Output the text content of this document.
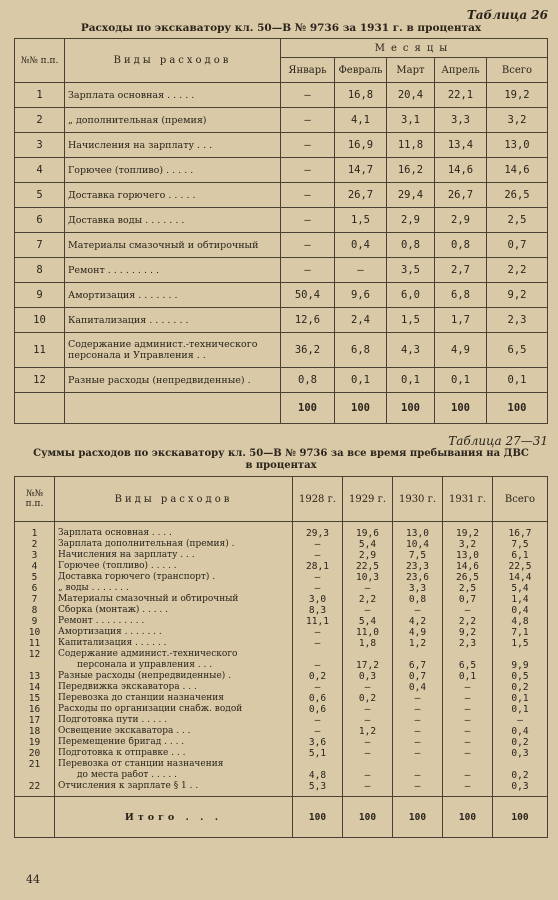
Таблица 26
Расходы по экскаватору кл. 50—В № 9736 за 1931 г. в процентах
№№ п.п.	Виды расходов	Месяцы				
		Январь	Февраль	Март	Апрель	Всего
1	Зарплата основная . . . . .	—	16,8	20,4	22,1	19,2
2	„ дополнительная (премия)	—	4,1	3,1	3,3	3,2
3	Начисления на зарплату . . .	—	16,9	11,8	13,4	13,0
4	Горючее (топливо) . . . . .	—	14,7	16,2	14,6	14,6
5	Доставка горючего . . . . .	—	26,7	29,4	26,7	26,5
6	Доставка воды . . . . . . .	—	1,5	2,9	2,9	2,5
7	Материалы смазочный и обтирочный	—	0,4	0,8	0,8	0,7
8	Ремонт . . . . . . . . .	—	—	3,5	2,7	2,2
9	Амортизация . . . . . . .	50,4	9,6	6,0	6,8	9,2
10	Капитализация . . . . . . .	12,6	2,4	1,5	1,7	2,3
11	Содержание админист.-технического персонала и Управления . .	36,2	6,8	4,3	4,9	6,5
12	Разные расходы (непредвиденные) .	0,8	0,1	0,1	0,1	0,1
		100	100	100	100	100
Таблица 27—31
Суммы расходов по экскаватору кл. 50—В № 9736 за все время пребывания на ДВС
в процентах
№№ п.п.	Виды расходов	1928 г.	1929 г.	1930 г.	1931 г.	Всего
1	Зарплата основная . . . .	29,3	19,6	13,0	19,2	16,7
2	Зарплата дополнительная (премия) .	—	5,4	10,4	3,2	7,5
3	Начисления на зарплату . . .	—	2,9	7,5	13,0	6,1
4	Горючее (топливо) . . . . .	28,1	22,5	23,3	14,6	22,5
5	Доставка горючего (транспорт) .	—	10,3	23,6	26,5	14,4
6	„ воды . . . . . . .	—	—	3,3	2,5	5,4
7	Материалы смазочный и обтирочный	3,0	2,2	0,8	0,7	1,4
8	Сборка (монтаж) . . . . .	8,3	—	—	—	0,4
9	Ремонт . . . . . . . . .	11,1	5,4	4,2	2,2	4,8
10	Амортизация . . . . . . .	—	11,0	4,9	9,2	7,1
11	Капитализация . . . . . .	—	1,8	1,2	2,3	1,5
12	Содержание админист.-технического					
	персонала и управления . . .	—	17,2	6,7	6,5	9,9
13	Разные расходы (непредвиденные) .	0,2	0,3	0,7	0,1	0,5
14	Передвижка экскаватора . . .	—	—	0,4	—	0,2
15	Перевозка до станции назначения	0,6	0,2	—	—	0,1
16	Расходы по организации снабж. водой	0,6	—	—	—	0,1
17	Подготовка пути . . . . .	—	—	—	—	—
18	Освещение экскаватора . . .	—	1,2	—	—	0,4
19	Перемещение бригад . . . .	3,6	—	—	—	0,2
20	Подготовка к отправке . . .	5,1	—	—	—	0,3
21	Перевозка от станции назначения					
	до места работ . . . . .	4,8	—	—	—	0,2
22	Отчисления к зарплате § 1 . .	5,3	—	—	—	0,3
	Итого . . .	100	100	100	100	100
44
